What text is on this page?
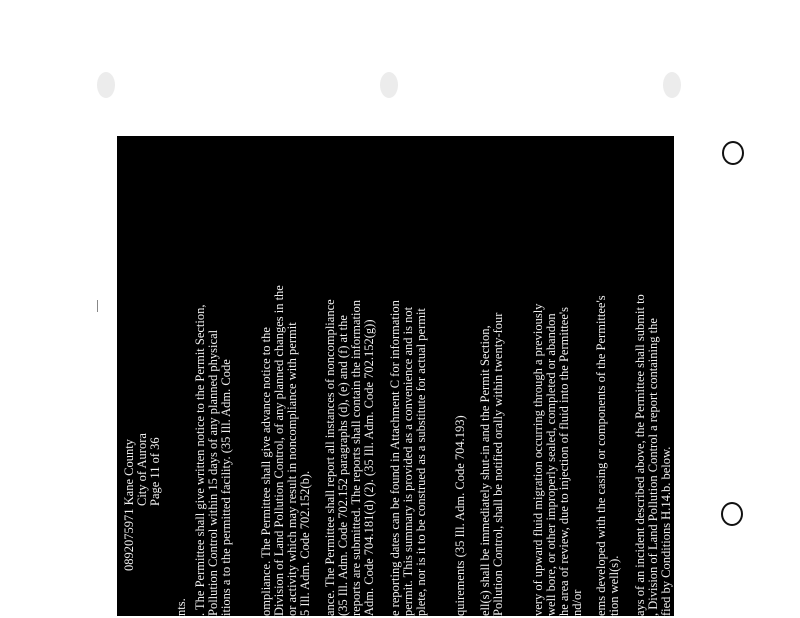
0892075971 Kane County City of Aurora Page 11 of 36
nts. . The Permittee shall give written notice to the Permit Section, Pollution Control within 15 days of any planned physical itions a to the permitted facility. (35 Ill. Adm. Code ompliance. The Permittee shall give advance notice to the Division of Land Pollution Control, of any planned changes in the or activity which may result in noncompliance with permit 5 Ill. Adm. Code 702.152(b). ance. The Permittee shall report all instances of noncompliance (35 Ill. Adm. Code 702.152 paragraphs (d), (e) and (f) at the reports are submitted. The reports shall contain the information Adm. Code 704.181(d) (2). (35 Ill. Adm. Code 702.152(g)) e reporting dates can be found in Attachment C for information permit. This summary is provided as a convenience and is not plete, nor is it to be construed as a substitute for actual permit quirements (35 Ill. Adm. Code 704.193) ell(s) shall be immediately shut-in and the Permit Section, Pollution Control, shall be notified orally within twenty-four very of upward fluid migration occurring through a previously well bore, or other improperly sealed, completed or abandon he area of review, due to injection of fluid into the Permittee's nd/or ems developed with the casing or components of the Permittee's tion well(s). ays of an incident described above, the Permittee shall submit to , Division of Land Pollution Control a report containing the fied by Conditions H.14.b. below.
